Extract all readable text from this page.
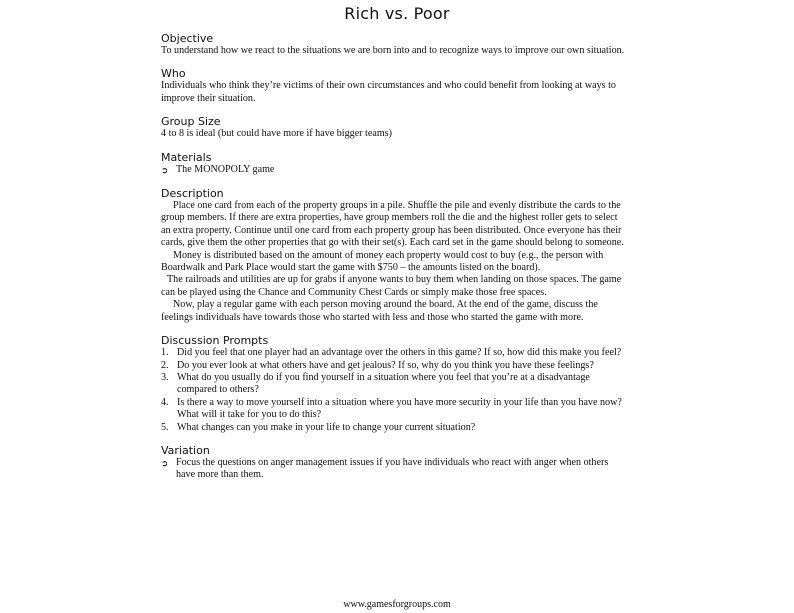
Rich vs. Poor
Objective

To understand how we react to the situations we are born into and to recognize ways to improve our own situation.

Who

Individuals who think they’re victims of their own circumstances and who could benefit from looking at ways to improve their situation.

Group Size

4 to 8 is ideal (but could have more if have bigger teams)

Materials
➲ The MONOPOLY game
Description

Place one card from each of the property groups in a pile. Shuffle the pile and evenly distribute the cards to the group members. If there are extra properties, have group members roll the die and the highest roller gets to select an extra property. Continue until one card from each property group has been distributed. Once everyone has their cards, give them the other properties that go with their set(s). Each card set in the game should belong to someone.

Money is distributed based on the amount of money each property would cost to buy (e.g., the person with Boardwalk and Park Place would start the game with $750 – the amounts listed on the board).

The railroads and utilities are up for grabs if anyone wants to buy them when landing on those spaces. The game can be played using the Chance and Community Chest Cards or simply make those free spaces.

Now, play a regular game with each person moving around the board. At the end of the game, discuss the feelings individuals have towards those who started with less and those who started the game with more.

Discussion Prompts
1. Did you feel that one player had an advantage over the others in this game? If so, how did this make you feel?
2. Do you ever look at what others have and get jealous? If so, why do you think you have these feelings?
3. What do you usually do if you find yourself in a situation where you feel that you’re at a disadvantage compared to others?
4. Is there a way to move yourself into a situation where you have more security in your life than you have now? What will it take for you to do this?
5. What changes can you make in your life to change your current situation?
Variation
➲ Focus the questions on anger management issues if you have individuals who react with anger when others have more than them.
www.gamesforgroups.com
